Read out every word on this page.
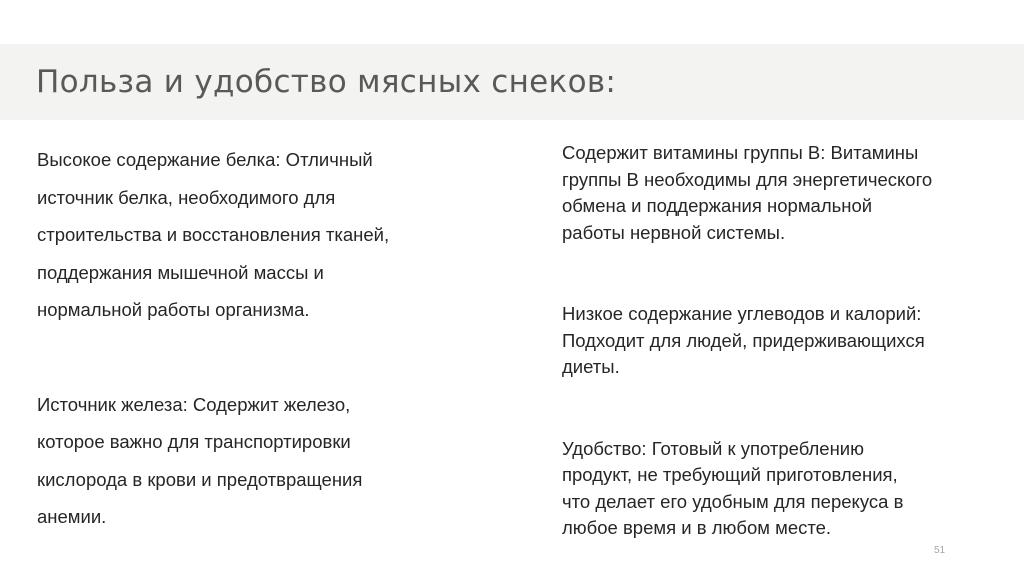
Польза и удобство мясных снеков:

Высокое содержание белка: Отличный
источник белка, необходимого для
строительства и восстановления тканей,
поддержания мышечной массы и
нормальной работы организма.

Источник железа: Содержит железо,
которое важно для транспортировки
кислорода в крови и предотвращения
анемии.

Содержит витамины группы В: Витамины
группы В необходимы для энергетического
обмена и поддержания нормальной
работы нервной системы.

Низкое содержание углеводов и калорий:
Подходит для людей, придерживающихся
диеты.

Удобство: Готовый к употреблению
продукт, не требующий приготовления,
что делает его удобным для перекуса в
любое время и в любом месте.

51
